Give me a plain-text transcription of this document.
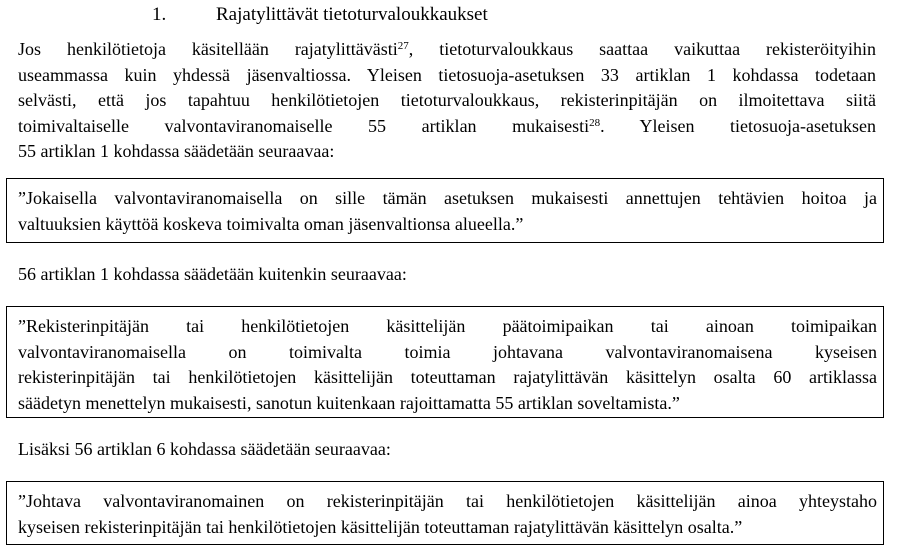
1.	Rajatylittävät tietoturvaloukkaukset
Jos henkilötietoja käsitellään rajatylittävästi$^{27}$, tietoturvaloukkaus saattaa vaikuttaa rekisteröityihin
useammassa kuin yhdessä jäsenvaltiossa. Yleisen tietosuoja-asetuksen 33 artiklan 1 kohdassa todetaan
selvästi, että jos tapahtuu henkilötietojen tietoturvaloukkaus, rekisterinpitäjän on ilmoitettava siitä
toimivaltaiselle valvontaviranomaiselle 55 artiklan mukaisesti$^{28}$. Yleisen tietosuoja-asetuksen
55 artiklan 1 kohdassa säädetään seuraavaa:

”Jokaisella valvontaviranomaisella on sille tämän asetuksen mukaisesti annettujen tehtävien hoitoa ja
valtuuksien käyttöä koskeva toimivalta oman jäsenvaltionsa alueella.”

56 artiklan 1 kohdassa säädetään kuitenkin seuraavaa:

”Rekisterinpitäjän tai henkilötietojen käsittelijän päätoimipaikan tai ainoan toimipaikan
valvontaviranomaisella on toimivalta toimia johtavana valvontaviranomaisena kyseisen
rekisterinpitäjän tai henkilötietojen käsittelijän toteuttaman rajatylittävän käsittelyn osalta 60 artiklassa
säädetyn menettelyn mukaisesti, sanotun kuitenkaan rajoittamatta 55 artiklan soveltamista.”

Lisäksi 56 artiklan 6 kohdassa säädetään seuraavaa:

”Johtava valvontaviranomainen on rekisterinpitäjän tai henkilötietojen käsittelijän ainoa yhteystaho
kyseisen rekisterinpitäjän tai henkilötietojen käsittelijän toteuttaman rajatylittävän käsittelyn osalta.”
